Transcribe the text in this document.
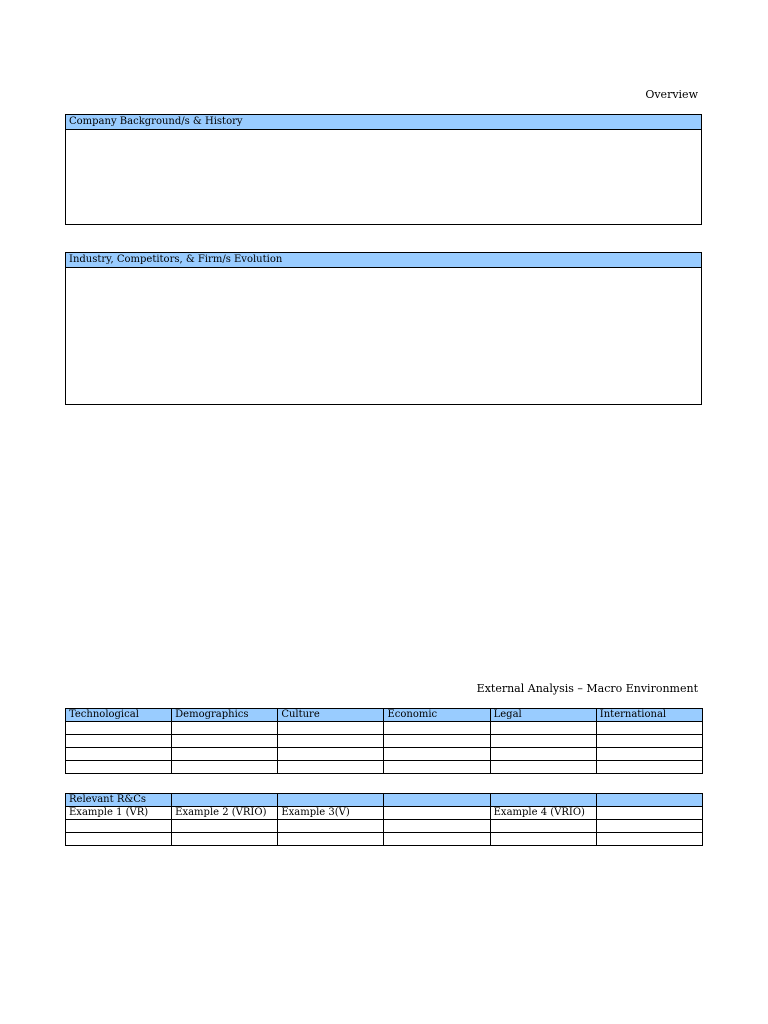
Overview
Company Background/s & History
Industry, Competitors, & Firm/s Evolution
External Analysis – Macro Environment
Technological	Demographics	Culture	Economic	Legal	International

Relevant R&Cs					
Example 1 (VR)	Example 2 (VRIO)	Example 3(V)		Example 4 (VRIO)	
